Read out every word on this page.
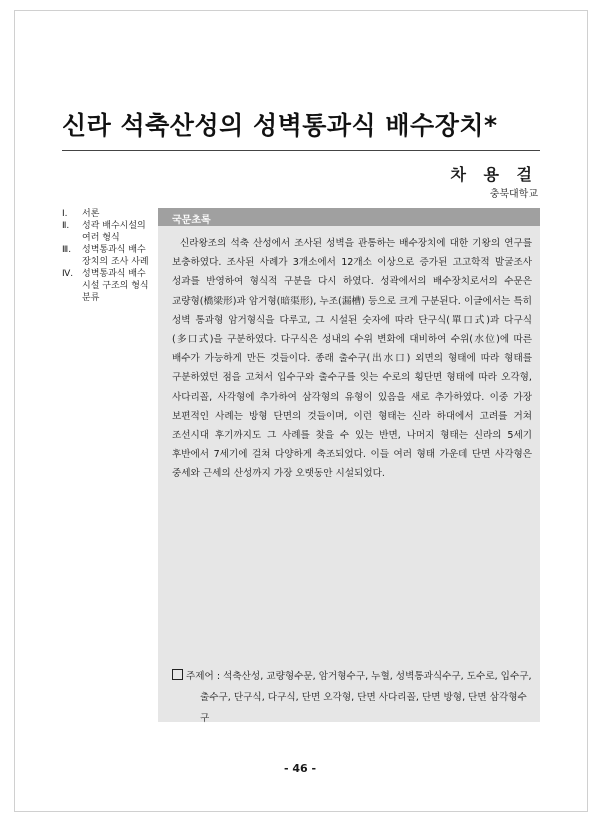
신라 석축산성의 성벽통과식 배수장치*
차 용 걸
충북대학교
Ⅰ.	서론
Ⅱ.	성곽 배수시설의 여러 형식
Ⅲ.	성벽통과식 배수장치의 조사 사례
Ⅳ. 성벽통과식 배수시설 구조의 형식분류
국문초록

신라왕조의 석축 산성에서 조사된 성벽을 관통하는 배수장치에 대한 기왕의 연구를 보충하였다. 조사된 사례가 3개소에서 12개소 이상으로 증가된 고고학적 발굴조사 성과를 반영하여 형식적 구분을 다시 하였다. 성곽에서의 배수장치로서의 수문은 교량형(橋梁形)과 암거형(暗渠形), 누조(漏槽) 등으로 크게 구분된다. 이글에서는 특히 성벽 통과형 암거형식을 다루고, 그 시설된 숫자에 따라 단구식(單口式)과 다구식(多口式)을 구분하였다. 다구식은 성내의 수위 변화에 대비하여 수위(水位)에 따른 배수가 가능하게 만든 것들이다. 종래 출수구(出水口) 외면의 형태에 따라 형태를 구분하였던 점을 고쳐서 입수구와 출수구를 잇는 수로의 횡단면 형태에 따라 오각형, 사다리꼴, 사각형에 추가하여 삼각형의 유형이 있음을 새로 추가하였다. 이중 가장 보편적인 사례는 방형 단면의 것들이며, 이런 형태는 신라 하대에서 고려를 거쳐 조선시대 후기까지도 그 사례를 찾을 수 있는 반면, 나머지 형태는 신라의 5세기 후반에서 7세기에 걸쳐 다양하게 축조되었다. 이들 여러 형태 가운데 단면 사각형은 중세와 근세의 산성까지 가장 오랫동안 시설되었다.

주제어 : 석축산성, 교량형수문, 암거형수구, 누혈, 성벽통과식수구, 도수로, 입수구, 출수구, 단구식, 다구식, 단면 오각형, 단면 사다리꼴, 단면 방형, 단면 삼각형수구
- 46 -
